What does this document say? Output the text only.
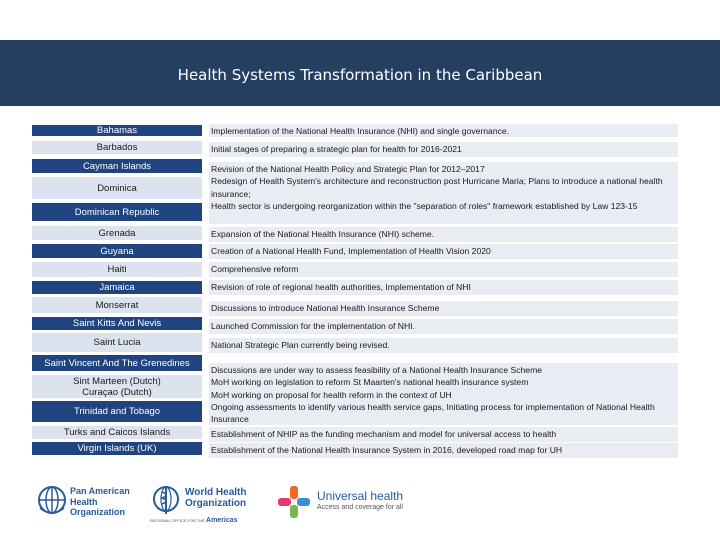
Health Systems Transformation in the Caribbean
Bahamas
Barbados
Cayman Islands
Dominica
Dominican Republic
Grenada
Guyana
Haiti
Jamaica
Monserrat
Saint Kitts And Nevis
Saint Lucia
Saint Vincent And The Grenedines
Sint Marteen (Dutch)
Curaçao (Dutch)
Trinidad and Tobago
Turks and Caicos Islands
Virgin Islands (UK)
Implementation of the National Health Insurance (NHI) and single governance.
Initial stages of preparing a strategic plan for health for 2016-2021
Revision of the National Health Policy and Strategic Plan for 2012–2017
Redesign of Health System's architecture and reconstruction post Hurricane Maria; Plans to introduce a national health insurance;
Health sector is undergoing reorganization within the "separation of roles" framework established by Law 123-15
Expansion of the National Health Insurance (NHI) scheme.
Creation of a National Health Fund, Implementation of Health Vision 2020
Comprehensive reform
Revision of role of regional health authorities, Implementation of NHI
Discussions to introduce National Health Insurance Scheme
Launched Commission for the implementation of NHI.
National Strategic Plan currently being revised.
Discussions are under way to assess feasibility of a National Health Insurance Scheme
MoH working on legislation to reform St Maarten's national health insurance system
MoH working on proposal for health reform in the context of UH
Ongoing assessments to identify various health service gaps, Initiating process for implementation of National Health Insurance
Establishment of NHIP as the funding mechanism and model for universal access to health
Establishment of the National Health Insurance System in 2016, developed road map for UH
Pan American
Health
Organization
World Health
Organization
REGIONAL OFFICE FOR THE Americas
Universal health
Access and coverage for all
